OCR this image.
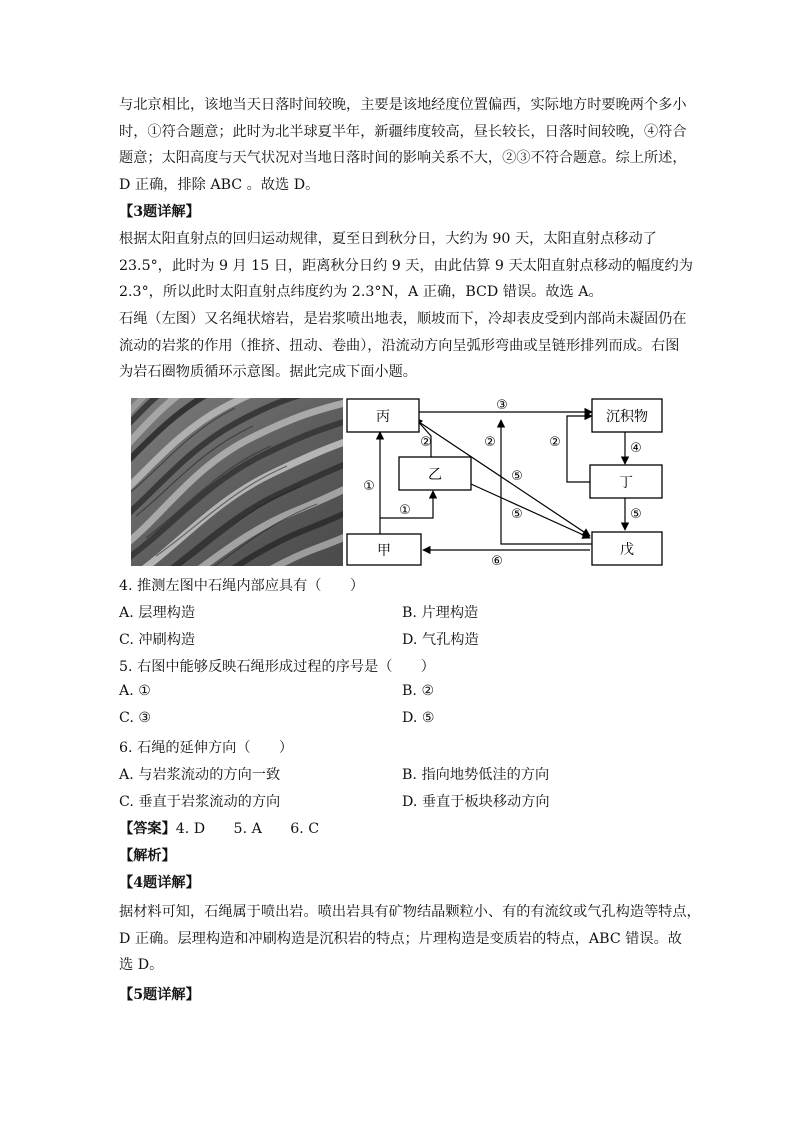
与北京相比，该地当天日落时间较晚，主要是该地经度位置偏西，实际地方时要晚两个多小
时，①符合题意；此时为北半球夏半年，新疆纬度较高，昼长较长，日落时间较晚，④符合
题意；太阳高度与天气状况对当地日落时间的影响关系不大，②③不符合题意。综上所述，
D 正确，排除 ABC 。故选 D。

【3题详解】

根据太阳直射点的回归运动规律，夏至日到秋分日，大约为 90 天，太阳直射点移动了
23.5°，此时为 9 月 15 日，距离秋分日约 9 天，由此估算 9 天太阳直射点移动的幅度约为
2.3°，所以此时太阳直射点纬度约为 2.3°N，A 正确，BCD 错误。故选 A。

石绳（左图）又名绳状熔岩，是岩浆喷出地表，顺坡而下，冷却表皮受到内部尚未凝固仍在
流动的岩浆的作用（推挤、扭动、卷曲），沿流动方向呈弧形弯曲或呈链形排列而成。右图
为岩石圈物质循环示意图。据此完成下面小题。

丙
乙
甲
沉积物
丁
戊
③
②	②	②	④
①
①
⑤
⑤	⑤
⑥
4. 推测左图中石绳内部应具有（　　）
A. 层理构造	B. 片理构造
C. 冲刷构造	D. 气孔构造
5. 右图中能够反映石绳形成过程的序号是（　　）
A. ①	B. ②
C. ③	D. ⑤
6. 石绳的延伸方向（　　）
A. 与岩浆流动的方向一致	B. 指向地势低洼的方向
C. 垂直于岩浆流动的方向	D. 垂直于板块移动方向
【答案】4. D　　5. A　　6. C
【解析】
【4题详解】

据材料可知，石绳属于喷出岩。喷出岩具有矿物结晶颗粒小、有的有流纹或气孔构造等特点，
D 正确。层理构造和冲刷构造是沉积岩的特点；片理构造是变质岩的特点，ABC 错误。故
选 D。

【5题详解】
